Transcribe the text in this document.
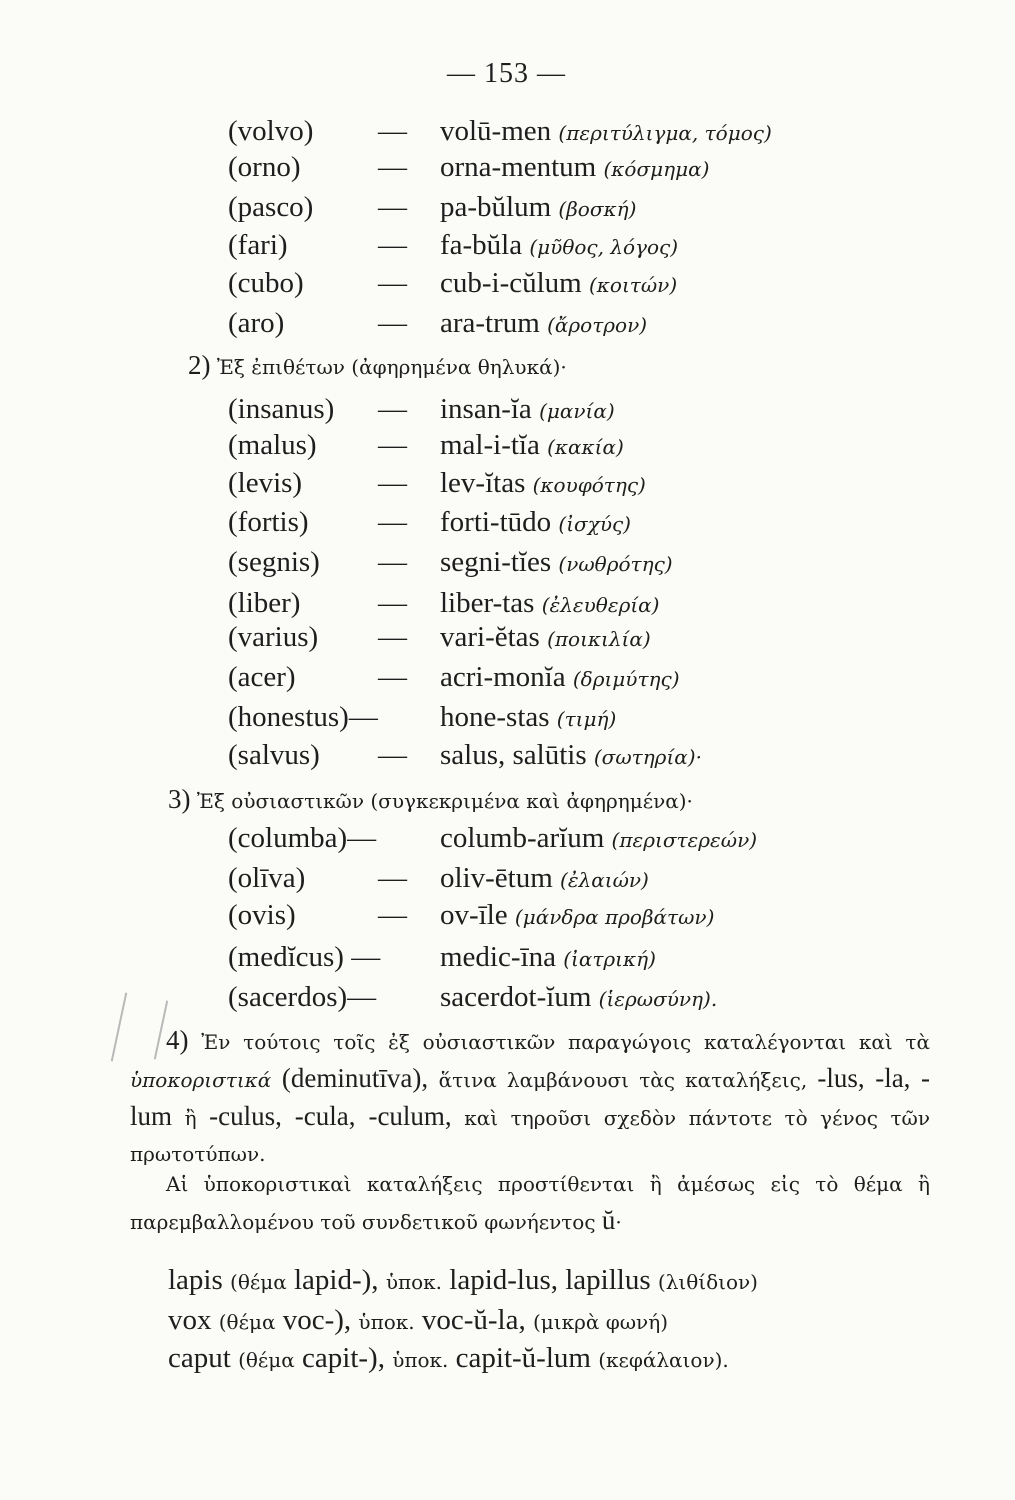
— 153 —
(volvo) — volū-men (περιτύλιγμα, τόμος)
(orno)	— orna-mentum (κόσμημα)
(pasco) — pa-bŭlum (βοσκή)
(fari)	— fa-bŭla (μῦθος, λόγος)
(cubo)	— cub-i-cŭlum (κοιτών)
(aro)	— ara-trum (ἄροτρον)
2) Ἐξ ἐπιθέτων (ἀφηρημένα θηλυκά)·
(insanus) — insan-ĭa (μανία)
(malus) — mal-i-tĭa (κακία)
(levis)	— lev-ĭtas (κουφότης)
(fortis) — forti-tūdo (ἰσχύς)
(segnis) — segni-tĭes (νωθρότης)
(liber)	— liber-tas (ἐλευθερία)
(varius) — vari-ĕtas (ποικιλία)
(acer)	— acri-monĭa (δριμύτης)
(honestus)— hone-stas (τιμή)
(salvus) — salus, salūtis (σωτηρία)·
3) Ἐξ οὐσιαστικῶν (συγκεκριμένα καὶ ἀφηρημένα)·
(columba)— columb-arĭum (περιστερεών)
(olīva)	— oliv-ētum (ἐλαιών)
(ovis)	— ov-īle (μάνδρα προβάτων)
(medĭcus) — medic-īna (ἰατρική)
(sacerdos)— sacerdot-ĭum (ἱερωσύνη).
4) Ἐν τούτοις τοῖς ἐξ οὐσιαστικῶν παραγώγοις καταλέγονται καὶ τὰ ὑποκοριστικά (deminutīva), ἅτινα λαμβάνουσι τὰς καταλήξεις, -lus, -la, -lum ἢ -culus, -cula, -culum, καὶ τηροῦσι σχεδὸν πάντοτε τὸ γένος τῶν πρωτοτύπων.
Αἱ ὑποκοριστικαὶ καταλήξεις προστίθενται ἢ ἀμέσως εἰς τὸ θέμα ἢ παρεμβαλλομένου τοῦ συνδετικοῦ φωνήεντος ŭ·
lapis (θέμα lapid-), ὑποκ. lapid-lus, lapillus (λιθίδιον)
vox (θέμα voc-), ὑποκ. voc-ŭ-la, (μικρὰ φωνή)
caput (θέμα capit-), ὑποκ. capit-ŭ-lum (κεφάλαιον).
